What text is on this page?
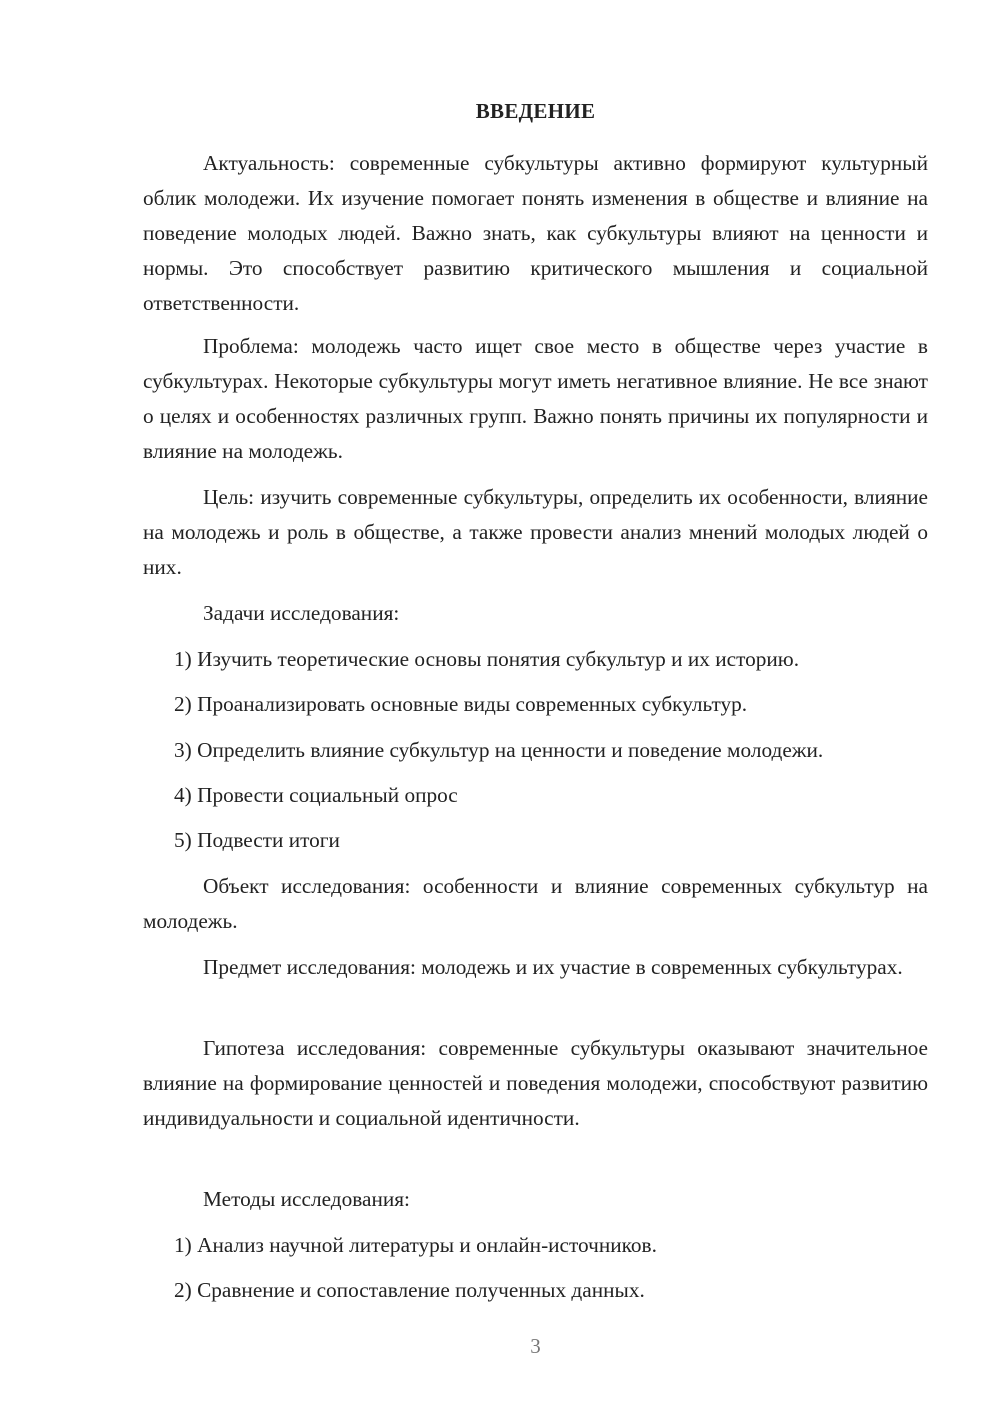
ВВЕДЕНИЕ

Актуальность: современные субкультуры активно формируют культурный облик молодежи. Их изучение помогает понять изменения в обществе и влияние на поведение молодых людей. Важно знать, как субкультуры влияют на ценности и нормы. Это способствует развитию критического мышления и социальной ответственности.

Проблема: молодежь часто ищет свое место в обществе через участие в субкультурах. Некоторые субкультуры могут иметь негативное влияние. Не все знают о целях и особенностях различных групп. Важно понять причины их популярности и влияние на молодежь.

Цель: изучить современные субкультуры, определить их особенности, влияние на молодежь и роль в обществе, а также провести анализ мнений молодых людей о них.

Задачи исследования:

1) Изучить теоретические основы понятия субкультур и их историю.

2) Проанализировать основные виды современных субкультур.

3) Определить влияние субкультур на ценности и поведение молодежи.

4) Провести социальный опрос

5) Подвести итоги

Объект исследования: особенности и влияние современных субкультур на молодежь.

Предмет исследования: молодежь и их участие в современных субкультурах.

Гипотеза исследования: современные субкультуры оказывают значительное влияние на формирование ценностей и поведения молодежи, способствуют развитию индивидуальности и социальной идентичности.

Методы исследования:

1) Анализ научной литературы и онлайн-источников.

2) Сравнение и сопоставление полученных данных.

3
